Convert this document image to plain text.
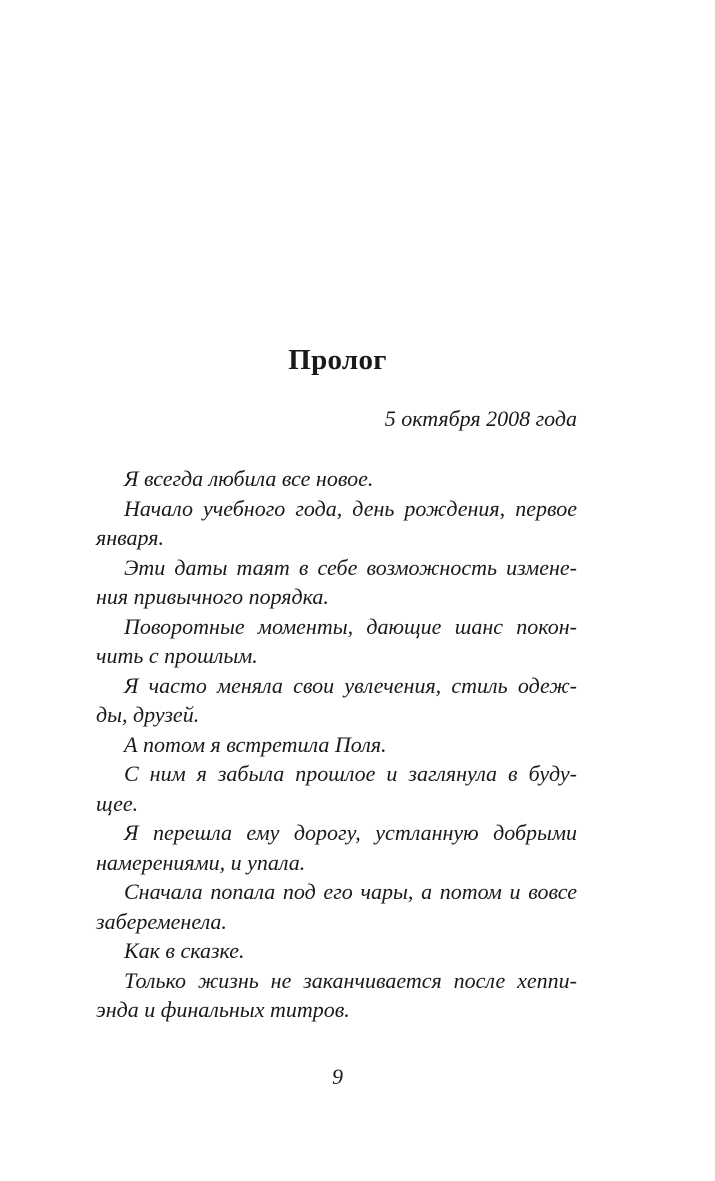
Пролог
5 октября 2008 года

Я всегда любила все новое.

Начало учебного года, день рождения, первое
января.

Эти даты таят в себе возможность измене-
ния привычного порядка.

Поворотные моменты, дающие шанс покон-
чить с прошлым.

Я часто меняла свои увлечения, стиль одеж-
ды, друзей.

А потом я встретила Поля.

С ним я забыла прошлое и заглянула в буду-
щее.

Я перешла ему дорогу, устланную добрыми
намерениями, и упала.

Сначала попала под его чары, а потом и вовсе
забеременела.

Как в сказке.

Только жизнь не заканчивается после хеппи-
энда и финальных титров.

9
